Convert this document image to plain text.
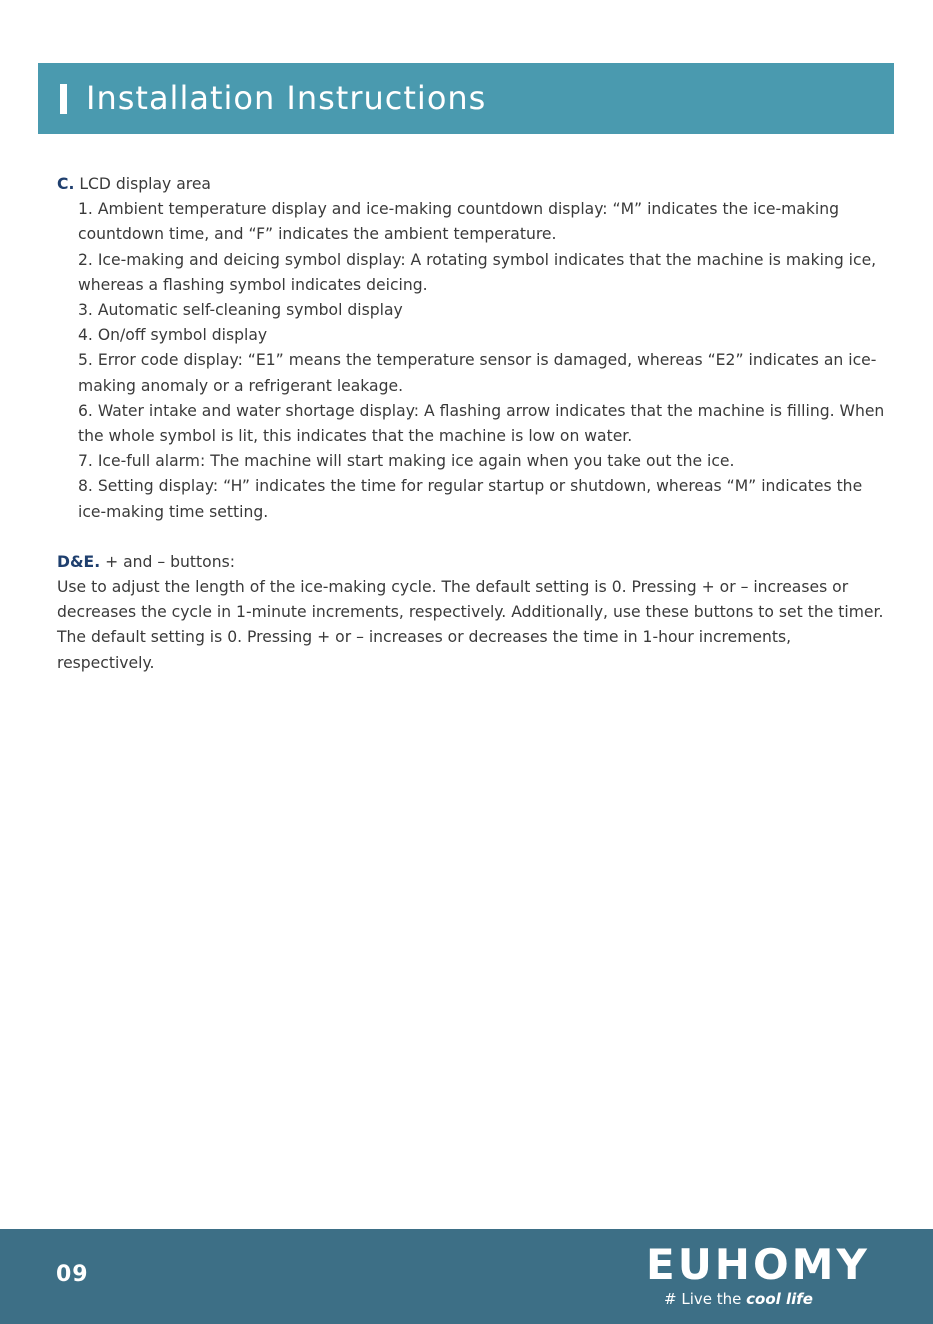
Installation Instructions

C. LCD display area

1. Ambient temperature display and ice-making countdown display: “M” indicates the ice-making countdown time, and “F” indicates the ambient temperature.

2. Ice-making and deicing symbol display: A rotating symbol indicates that the machine is making ice, whereas a flashing symbol indicates deicing.

3. Automatic self-cleaning symbol display

4. On/off symbol display

5. Error code display: “E1” means the temperature sensor is damaged, whereas “E2” indicates an ice-making anomaly or a refrigerant leakage.

6. Water intake and water shortage display: A flashing arrow indicates that the machine is filling. When the whole symbol is lit, this indicates that the machine is low on water.

7. Ice-full alarm: The machine will start making ice again when you take out the ice.

8. Setting display: “H” indicates the time for regular startup or shutdown, whereas “M” indicates the ice-making time setting.

D&E. + and – buttons:

Use to adjust the length of the ice-making cycle. The default setting is 0. Pressing + or – increases or decreases the cycle in 1-minute increments, respectively. Additionally, use these buttons to set the timer. The default setting is 0. Pressing + or – increases or decreases the time in 1-hour increments, respectively.

09	EUHOMY
# Live the cool life
